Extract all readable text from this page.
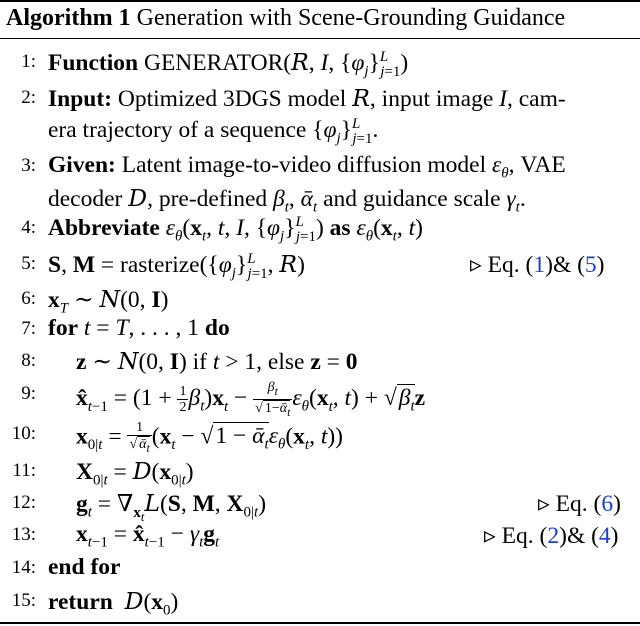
Algorithm 1 Generation with Scene-Grounding Guidance
1: Function GENERATOR(R, I, $\{\varphi_j\}^L_{j=1}$)
2: Input: Optimized 3DGS model R, input image I, cam-
era trajectory of a sequence $\{\varphi_j\}^L_{j=1}$.
3: Given: Latent image-to-video diffusion model $\varepsilon_\theta$, VAE
decoder D, pre-defined $\beta_t$, ᾱ$_t$ and guidance scale $\gamma_t$.
4: Abbreviate $\varepsilon_\theta(x_t$, t, I, $\{\varphi_j\}^L_{j=1}$) as $\varepsilon_\theta(x_t$, t)
5: S, $M = rasterize(\{\varphi_j\}^L_{j=1}$, R)	▹ Eq. (1)& (5)
6: $x_T$ ∼ N(0, I)
7: for t = T, . . . , 1 do
8: z ∼ N(0, I) if t > 1, else z = 0
9: $x̂_{t-1} = (1 + \frac{1}{2} \beta_t)x_t - \frac{\beta_t}{√ 1-ᾱ_t} \varepsilon_\theta(x_t$, $t) + √\beta_tz$
10: $x_{0|t} = \frac{1}{√ ᾱ_t} (x_t - √1$ − $ᾱ_t\varepsilon_\theta(x_t$, t))
11: $X_{0|t} = D(x_{0|t})$
12: $g_t = \nabla_{x_t}L(S$, M, $X_{0|t}$)	▹ Eq. (6)
13: $x_{t-1}$ = $x̂_{t-1} - \gamma_tg_t$	▹ Eq. (2)& (4)
14: end for
15: return $D(x_0)$
